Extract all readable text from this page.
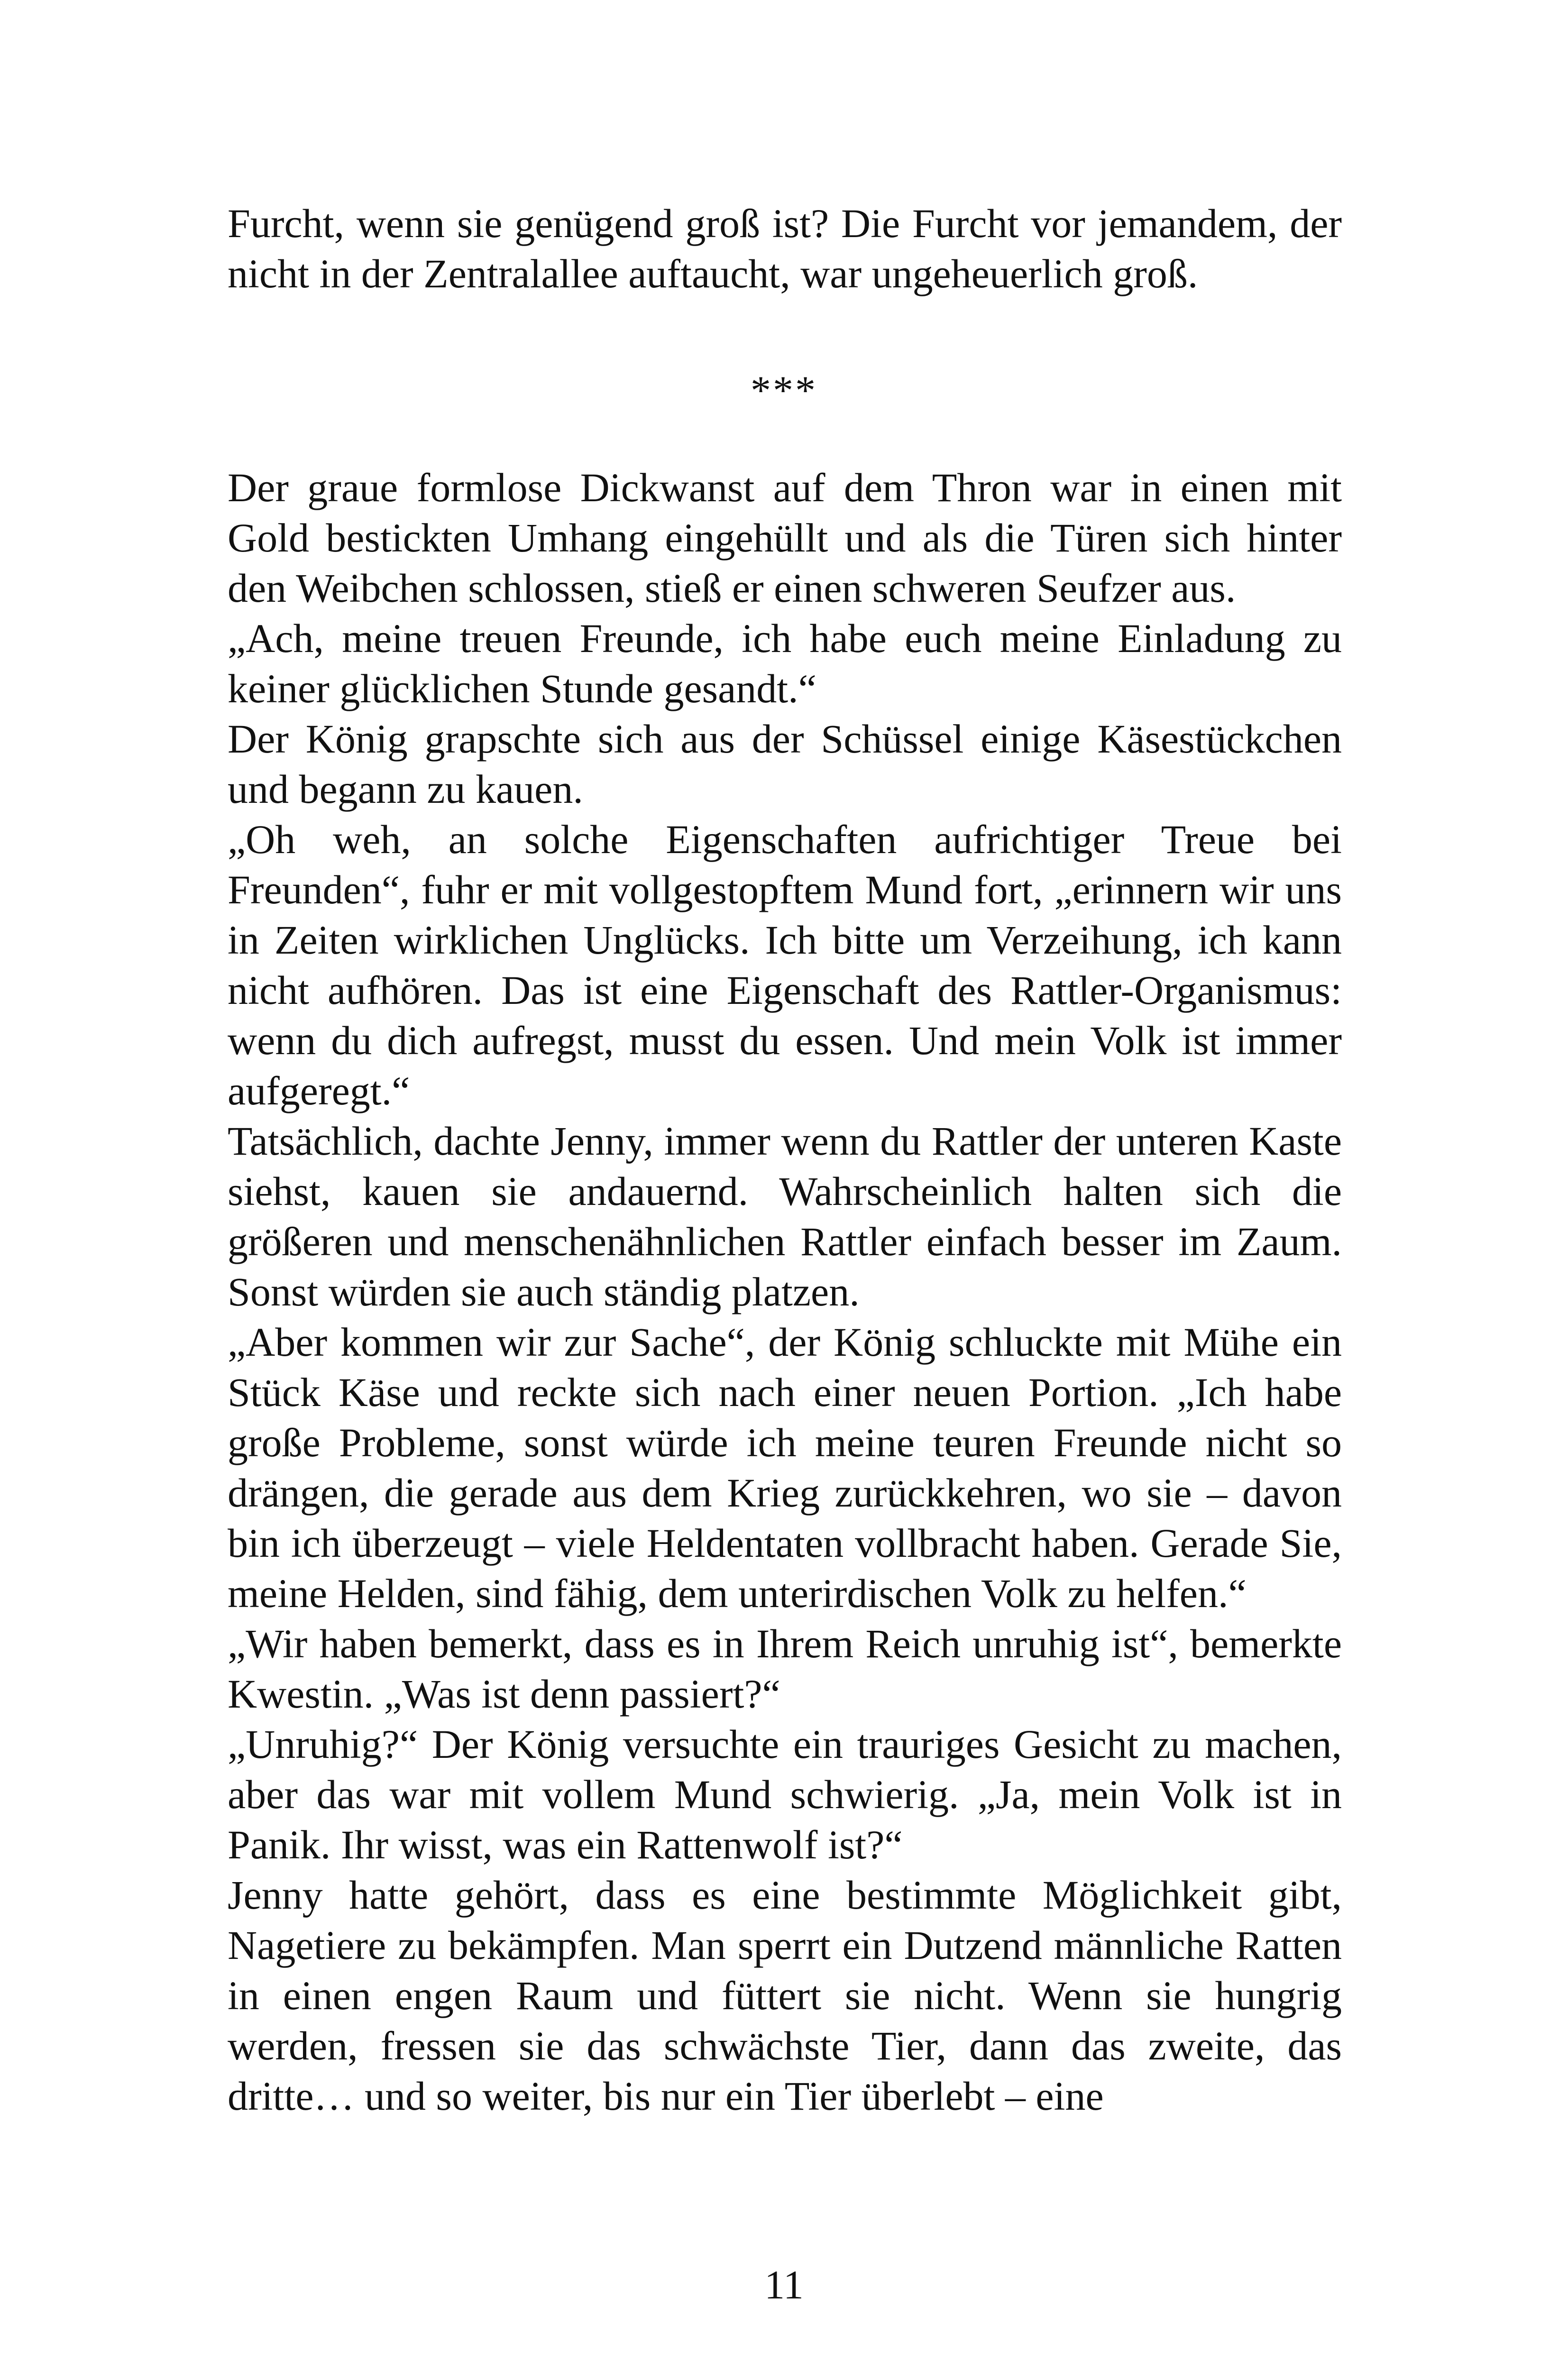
Furcht, wenn sie genügend groß ist? Die Furcht vor jemandem, der nicht in der Zentralallee auftaucht, war ungeheuerlich groß.

***

Der graue formlose Dickwanst auf dem Thron war in einen mit Gold bestickten Umhang eingehüllt und als die Türen sich hinter den Weibchen schlossen, stieß er einen schweren Seufzer aus.

„Ach, meine treuen Freunde, ich habe euch meine Einladung zu keiner glücklichen Stunde gesandt.“

Der König grapschte sich aus der Schüssel einige Käsestückchen und begann zu kauen.

„Oh weh, an solche Eigenschaften aufrichtiger Treue bei Freunden“, fuhr er mit vollgestopftem Mund fort, „erinnern wir uns in Zeiten wirklichen Unglücks. Ich bitte um Verzeihung, ich kann nicht aufhören. Das ist eine Eigenschaft des Rattler-Organismus: wenn du dich aufregst, musst du essen. Und mein Volk ist immer aufgeregt.“

Tatsächlich, dachte Jenny, immer wenn du Rattler der unteren Kaste siehst, kauen sie andauernd. Wahrscheinlich halten sich die größeren und menschenähnlichen Rattler einfach besser im Zaum. Sonst würden sie auch ständig platzen.

„Aber kommen wir zur Sache“, der König schluckte mit Mühe ein Stück Käse und reckte sich nach einer neuen Portion. „Ich habe große Probleme, sonst würde ich meine teuren Freunde nicht so drängen, die gerade aus dem Krieg zurückkehren, wo sie – davon bin ich überzeugt – viele Heldentaten vollbracht haben. Gerade Sie, meine Helden, sind fähig, dem unterirdischen Volk zu helfen.“

„Wir haben bemerkt, dass es in Ihrem Reich unruhig ist“, bemerkte Kwestin. „Was ist denn passiert?“

„Unruhig?“ Der König versuchte ein trauriges Gesicht zu machen, aber das war mit vollem Mund schwierig. „Ja, mein Volk ist in Panik. Ihr wisst, was ein Rattenwolf ist?“

Jenny hatte gehört, dass es eine bestimmte Möglichkeit gibt, Nagetiere zu bekämpfen. Man sperrt ein Dutzend männliche Ratten in einen engen Raum und füttert sie nicht. Wenn sie hungrig werden, fressen sie das schwächste Tier, dann das zweite, das dritte… und so weiter, bis nur ein Tier überlebt – eine

11
